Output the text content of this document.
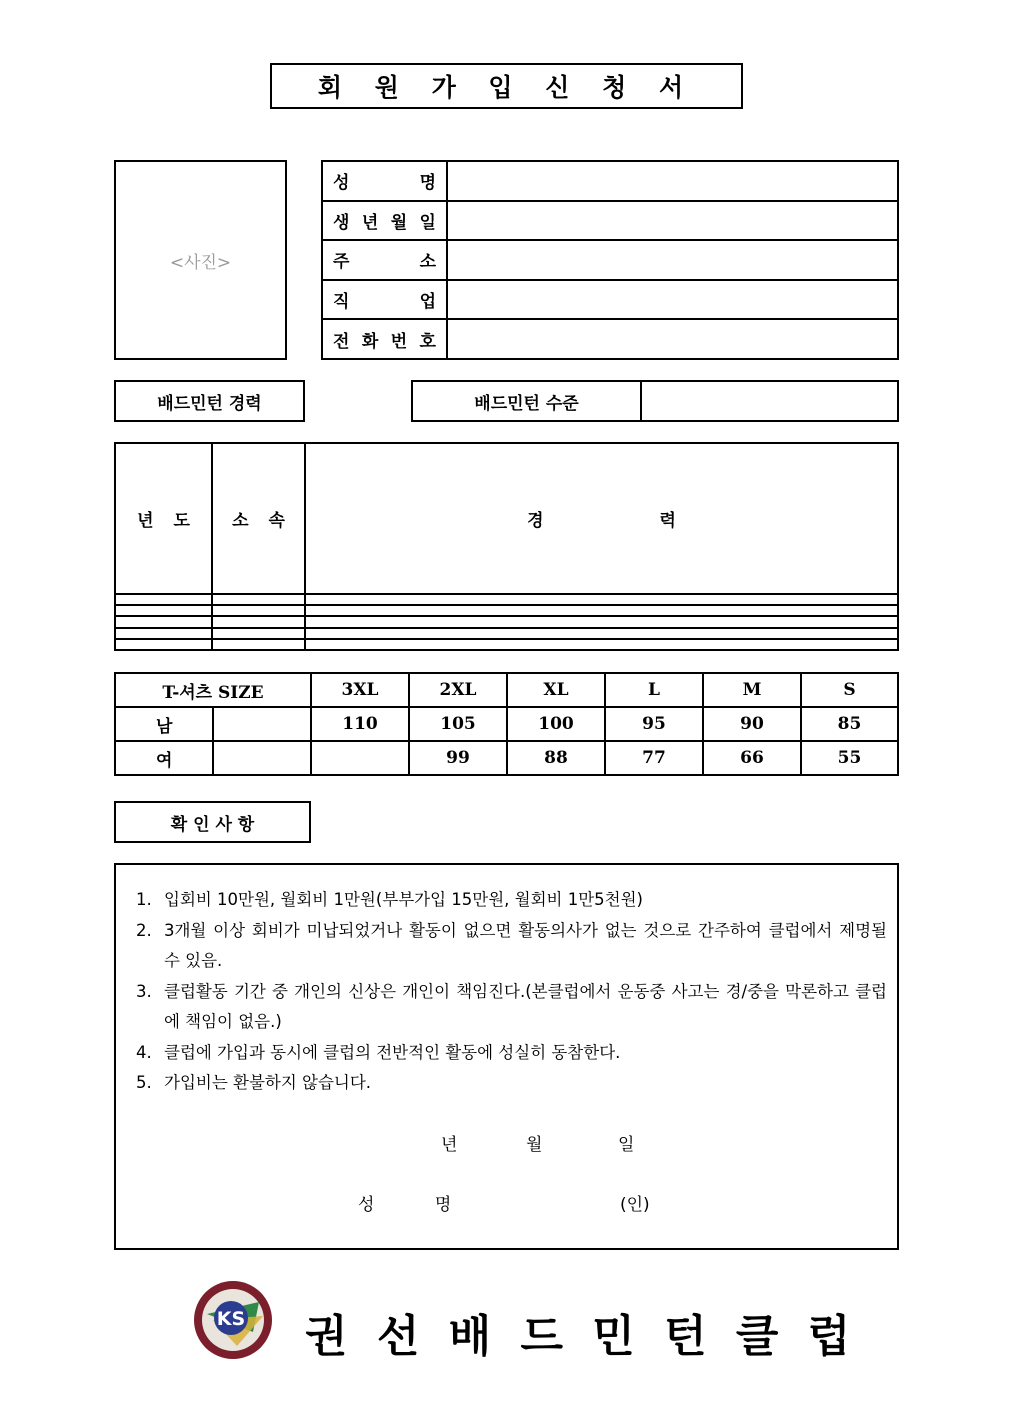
회 원 가 입 신 청 서
<사진>
성 명	

생 년 월 일	

주 소	

직 업	

전 화 번 호	

배드민턴 경력	배드민턴 수준
년 도	소 속	경 력

T-셔츠 SIZE		3XL	2XL	XL	L	M	S
남		110	105	100	95	90	85
여			99	88	77	66	55
확 인 사 항
1. 입회비 10만원, 월회비 1만원(부부가입 15만원, 월회비 1만5천원)
2. 3개월 이상 회비가 미납되었거나 활동이 없으면 활동의사가 없는 것으로 간주하여 클럽에서 제명될 수 있음.
3. 클럽활동 기간 중 개인의 신상은 개인이 책임진다.(본클럽에서 운동중 사고는 경/중을 막론하고 클럽에 책임이 없음.)
4. 클럽에 가입과 동시에 클럽의 전반적인 활동에 성실히 동참한다.
5. 가입비는 환불하지 않습니다.
년	월	일
성 명	(인)
KS 권 선 배 드 민 턴 클 럽
